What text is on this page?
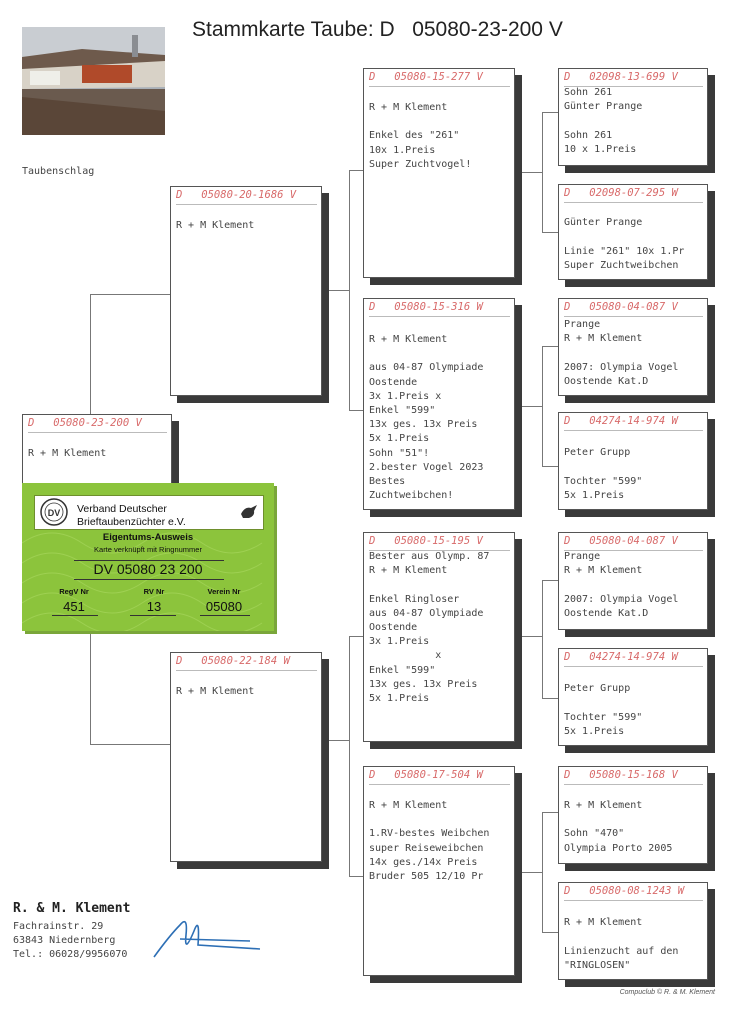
Stammkarte Taube: D   05080-23-200 V
Taubenschlag
D   05080-23-200 V
R + M Klement
D   05080-20-1686 V
R + M Klement
D   05080-22-184 W
R + M Klement
D   05080-15-277 V
R + M Klement

Enkel des "261"
10x 1.Preis
Super Zuchtvogel!
D   05080-15-316 W
R + M Klement

aus 04-87 Olympiade
Oostende
3x 1.Preis x
Enkel "599"
13x ges. 13x Preis
5x 1.Preis
Sohn "51"!
2.bester Vogel 2023
Bestes
Zuchtweibchen!
D   05080-15-195 V
Bester aus Olymp. 87
R + M Klement

Enkel Ringloser
aus 04-87 Olympiade
Oostende
3x 1.Preis
x
Enkel "599"
13x ges. 13x Preis
5x 1.Preis
D   05080-17-504 W
R + M Klement

1.RV-bestes Weibchen
super Reiseweibchen
14x ges./14x Preis
Bruder 505 12/10 Pr
D   02098-13-699 V
Sohn 261
Günter Prange

Sohn 261
10 x 1.Preis
D   02098-07-295 W

Günter Prange

Linie "261" 10x 1.Pr
Super Zuchtweibchen
D   05080-04-087 V
Prange
R + M Klement

2007: Olympia Vogel
Oostende Kat.D
D   04274-14-974 W

Peter Grupp

Tochter "599"
5x 1.Preis
D   05080-04-087 V
Prange
R + M Klement

2007: Olympia Vogel
Oostende Kat.D
D   04274-14-974 W

Peter Grupp

Tochter "599"
5x 1.Preis
D   05080-15-168 V
R + M Klement

Sohn "470"
Olympia Porto 2005
D   05080-08-1243 W

R + M Klement

Linienzucht auf den
"RINGLOSEN"
DV Verband Deutscher
Brieftaubenzüchter e.V.
Eigentums-Ausweis
Karte verknüpft mit Ringnummer
DV 05080 23 200
RegV Nr	RV Nr	Verein Nr
451	13	05080
R. & M. Klement
Fachrainstr. 29
63843 Niedernberg
Tel.: 06028/9956070
Compuclub © R. & M. Klement
